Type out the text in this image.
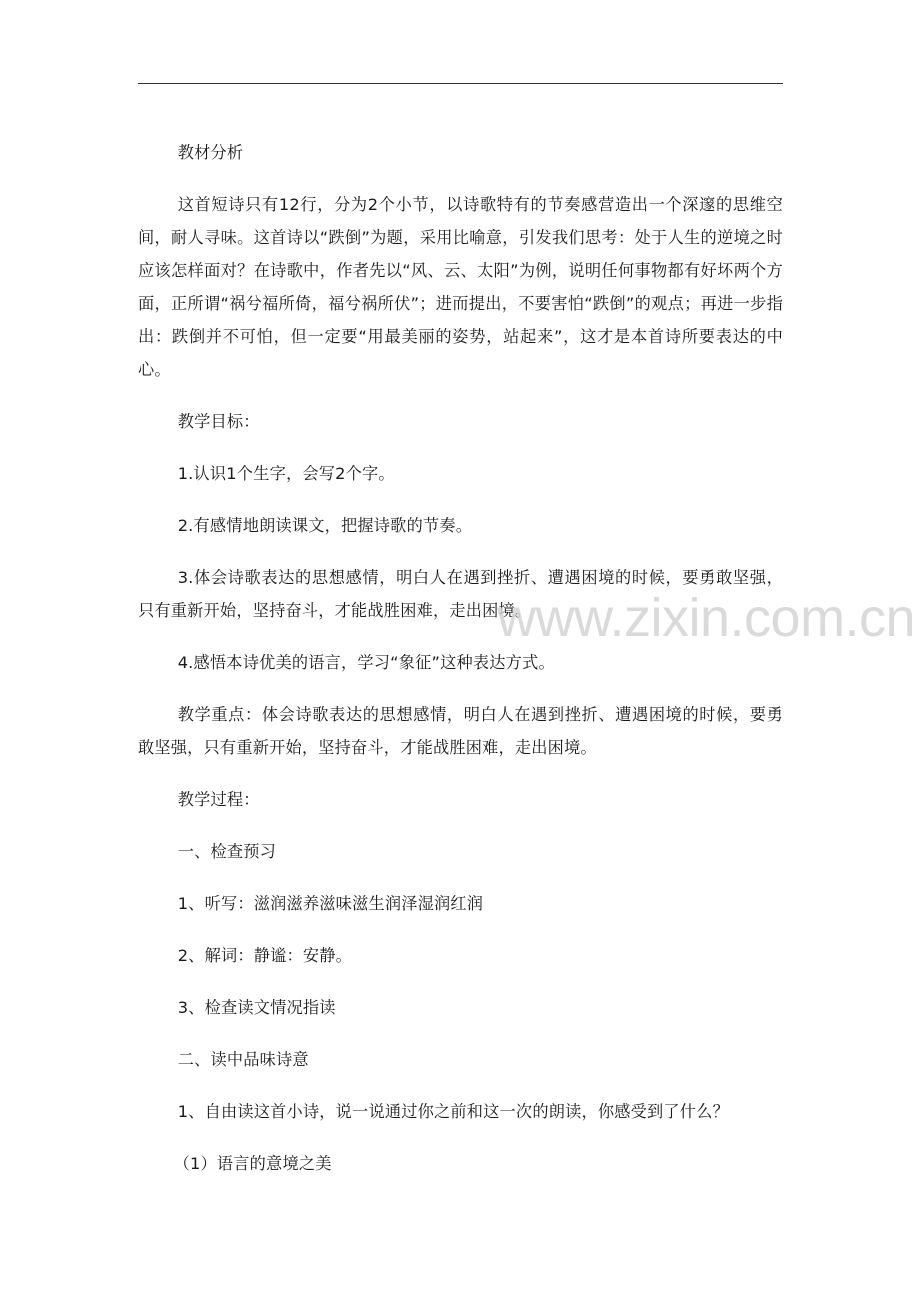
教材分析

这首短诗只有12行，分为2个小节，以诗歌特有的节奏感营造出一个深邃的思维空间，耐人寻味。这首诗以“跌倒”为题，采用比喻意，引发我们思考：处于人生的逆境之时应该怎样面对？在诗歌中，作者先以“风、云、太阳”为例，说明任何事物都有好坏两个方面，正所谓“祸兮福所倚，福兮祸所伏”；进而提出，不要害怕“跌倒”的观点；再进一步指出：跌倒并不可怕，但一定要“用最美丽的姿势，站起来”，这才是本首诗所要表达的中心。

教学目标：

1.认识1个生字，会写2个字。

2.有感情地朗读课文，把握诗歌的节奏。

3.体会诗歌表达的思想感情，明白人在遇到挫折、遭遇困境的时候，要勇敢坚强，只有重新开始，坚持奋斗，才能战胜困难，走出困境。

4.感悟本诗优美的语言，学习“象征”这种表达方式。

教学重点：体会诗歌表达的思想感情，明白人在遇到挫折、遭遇困境的时候，要勇敢坚强，只有重新开始，坚持奋斗，才能战胜困难，走出困境。

教学过程：

一、检查预习

1、听写：滋润滋养滋味滋生润泽湿润红润

2、解词：静谧：安静。

3、检查读文情况指读

二、读中品味诗意

1、自由读这首小诗，说一说通过你之前和这一次的朗读，你感受到了什么？

（1）语言的意境之美

www.zixin.com.cn
